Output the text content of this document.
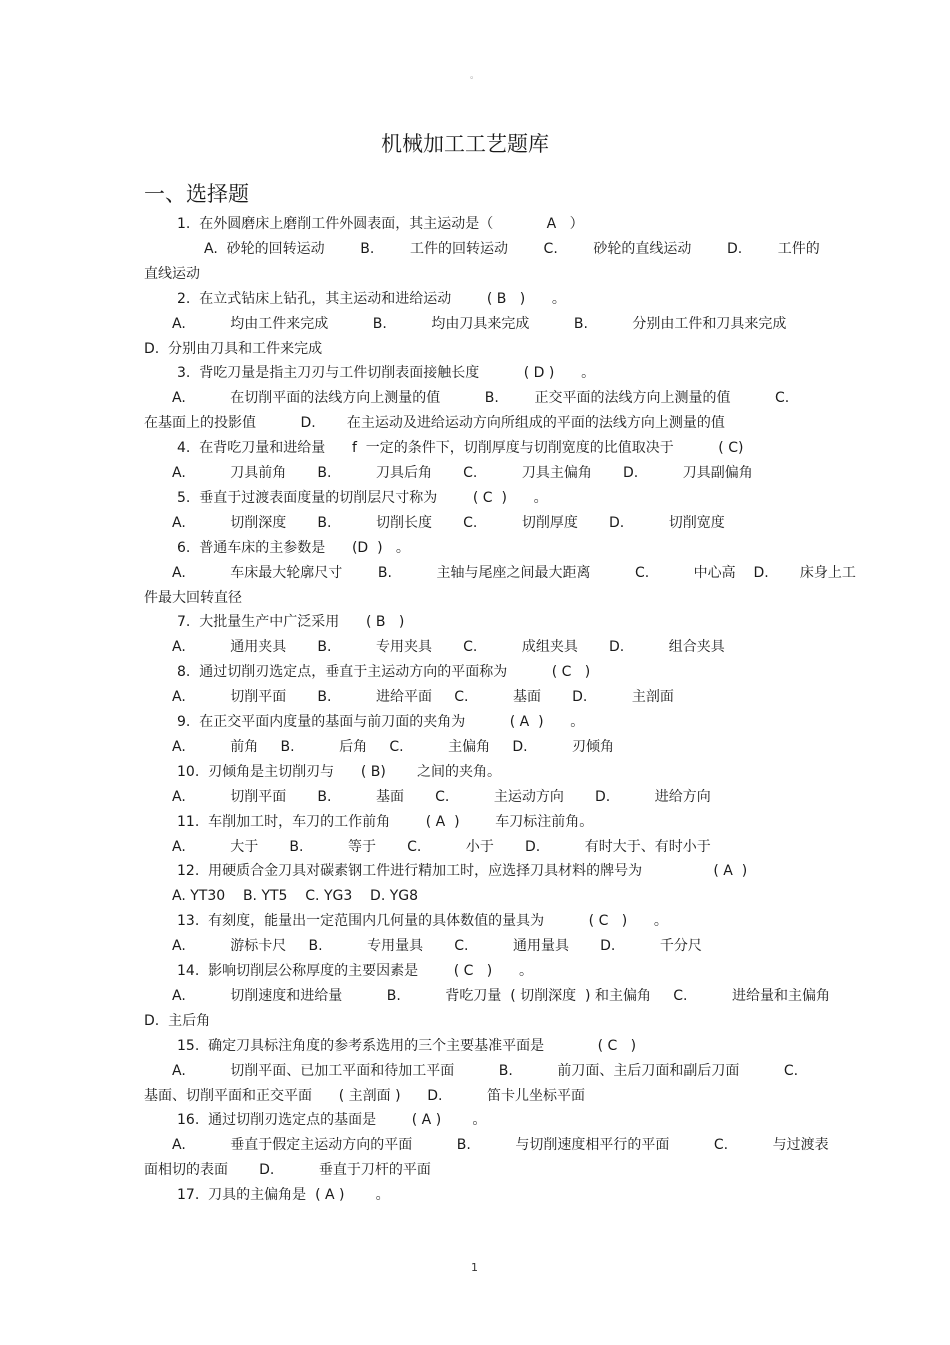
。
机械加工工艺题库
一、选择题
1.  在外圆磨床上磨削工件外圆表面，其主运动是（            A   ）
A.  砂轮的回转运动        B.        工件的回转运动        C.        砂轮的直线运动        D.        工件的
直线运动
2.  在立式钻床上钻孔，其主运动和进给运动        ( B   )      。
A.          均由工件来完成          B.          均由刀具来完成          B.          分别由工件和刀具来完成
D.  分别由刀具和工件来完成
3.  背吃刀量是指主刀刃与工件切削表面接触长度          ( D )      。
A.          在切削平面的法线方向上测量的值          B.        正交平面的法线方向上测量的值          C.
在基面上的投影值          D.       在主运动及进给运动方向所组成的平面的法线方向上测量的值
4.  在背吃刀量和进给量      f  一定的条件下，切削厚度与切削宽度的比值取决于          ( C)
A.          刀具前角       B.          刀具后角       C.          刀具主偏角       D.          刀具副偏角
5.  垂直于过渡表面度量的切削层尺寸称为        ( C  )      。
A.          切削深度       B.          切削长度       C.          切削厚度       D.          切削宽度
6.  普通车床的主参数是      (D  )   。
A.          车床最大轮廓尺寸        B.          主轴与尾座之间最大距离          C.          中心高    D.       床身上工
件最大回转直径
7.  大批量生产中广泛采用      ( B   )
A.          通用夹具       B.          专用夹具       C.          成组夹具       D.          组合夹具
8.  通过切削刃选定点，垂直于主运动方向的平面称为          ( C   )
A.          切削平面       B.          进给平面     C.          基面       D.          主剖面
9.  在正交平面内度量的基面与前刀面的夹角为          ( A  )      。
A.          前角     B.          后角     C.          主偏角     D.          刃倾角
10.  刃倾角是主切削刃与      ( B)       之间的夹角。
A.          切削平面       B.          基面       C.          主运动方向       D.          进给方向
11.  车削加工时，车刀的工作前角        ( A  )        车刀标注前角。
A.          大于       B.          等于       C.          小于       D.          有时大于、有时小于
12.  用硬质合金刀具对碳素钢工件进行精加工时，应选择刀具材料的牌号为                ( A  )
A. YT30    B. YT5    C. YG3    D. YG8
13.  有刻度，能量出一定范围内几何量的具体数值的量具为          ( C   )      。
A.          游标卡尺     B.          专用量具       C.          通用量具       D.          千分尺
14.  影响切削层公称厚度的主要因素是        ( C   )      。
A.          切削速度和进给量          B.          背吃刀量  ( 切削深度  ) 和主偏角     C.          进给量和主偏角
D.  主后角
15.  确定刀具标注角度的参考系选用的三个主要基准平面是            ( C   )
A.          切削平面、已加工平面和待加工平面          B.          前刀面、主后刀面和副后刀面          C.
基面、切削平面和正交平面      ( 主剖面 )      D.          笛卡儿坐标平面
16.  通过切削刃选定点的基面是        ( A )       。
A.          垂直于假定主运动方向的平面          B.          与切削速度相平行的平面          C.          与过渡表
面相切的表面       D.          垂直于刀杆的平面
17.  刀具的主偏角是  ( A )       。
1
